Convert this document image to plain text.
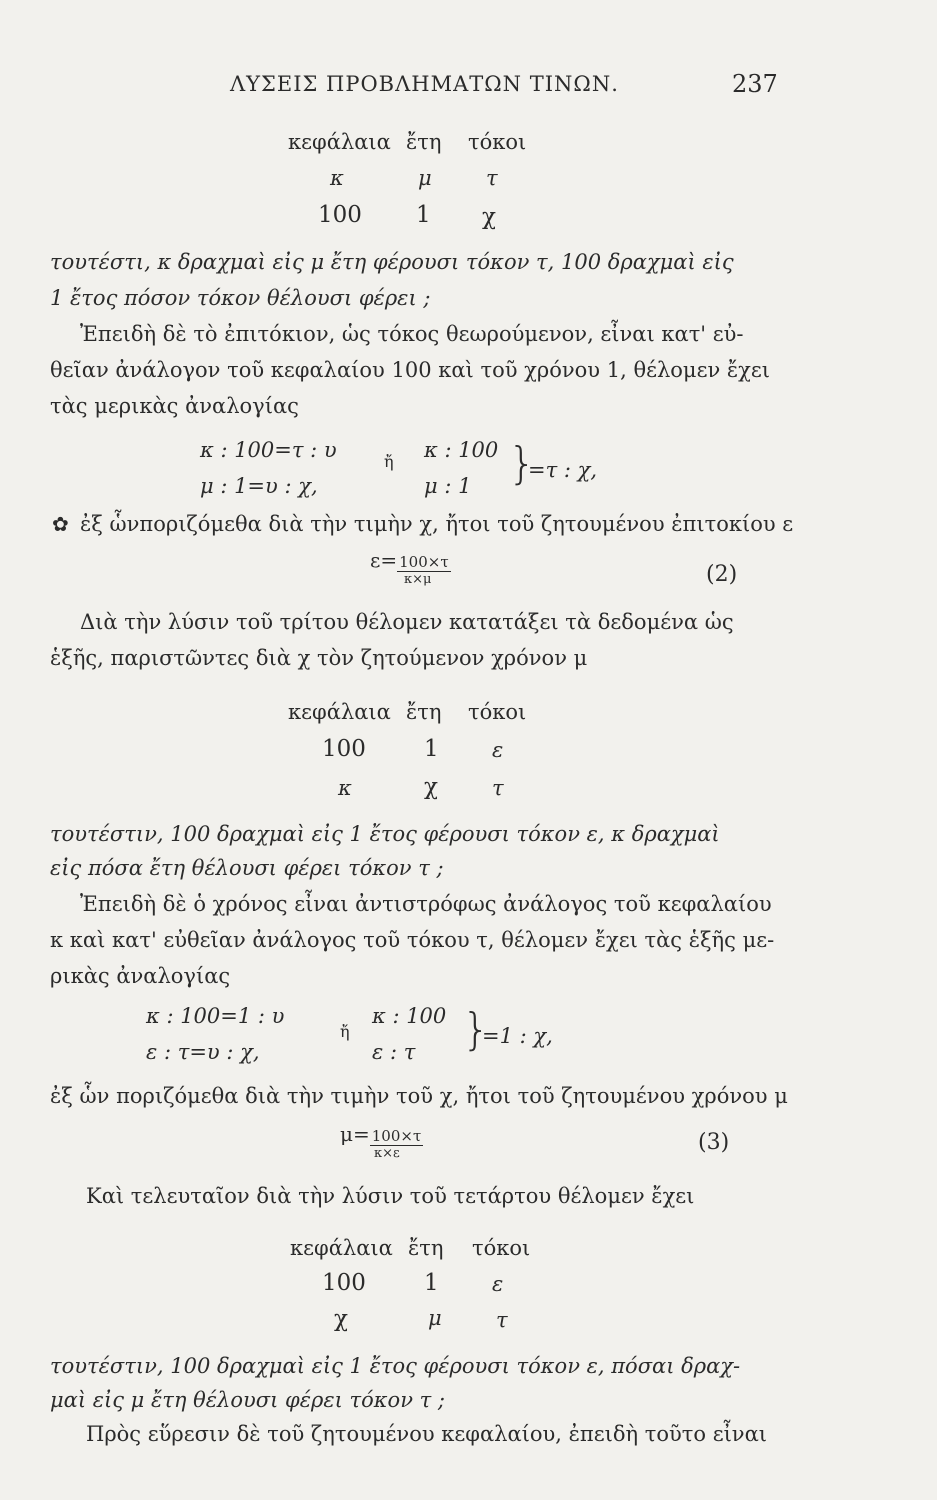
ΛΥΣΕΙΣ ΠΡΟΒΛΗΜΑΤΩΝ ΤΙΝΩΝ.	237
κεφάλαια ἔτη τόκοι
κ	μ	τ
100 1 χ
τουτέστι, κ δραχμαὶ εἰς μ ἔτη φέρουσι τόκον τ, 100 δραχμαὶ εἰς
1 ἔτος πόσον τόκον θέλουσι φέρει ;
Ἐπειδὴ δὲ τὸ ἐπιτόκιον, ὡς τόκος θεωρούμενον, εἶναι κατ' εὐ-
θεῖαν ἀνάλογον τοῦ κεφαλαίου 100 καὶ τοῦ χρόνου 1, θέλομεν ἔχει
τὰς μερικὰς ἀναλογίας
κ : 100=τ : υ
μ : 1=υ : χ,
ἤ κ : 100
μ : 1 }
=τ : χ,
✿ ἐξ ὧνποριζόμεθα διὰ τὴν τιμὴν χ, ἤτοι τοῦ ζητουμένου ἐπιτοκίου ε
ε= 100×τ
κ×μ	(2)
Διὰ τὴν λύσιν τοῦ τρίτου θέλομεν κατατάξει τὰ δεδομένα ὡς
ἑξῆς, παριστῶντες διὰ χ τὸν ζητούμενον χρόνον μ
κεφάλαια ἔτη τόκοι
100	1	ε
κ	χ	τ
τουτέστιν, 100 δραχμαὶ εἰς 1 ἔτος φέρουσι τόκον ε, κ δραχμαὶ
εἰς πόσα ἔτη θέλουσι φέρει τόκον τ ;
Ἐπειδὴ δὲ ὁ χρόνος εἶναι ἀντιστρόφως ἀνάλογος τοῦ κεφαλαίου
κ καὶ κατ' εὐθεῖαν ἀνάλογος τοῦ τόκου τ, θέλομεν ἔχει τὰς ἑξῆς με-
ρικὰς ἀναλογίας
κ : 100=1 : υ
ε : τ=υ : χ,
ἤ
κ : 100
ε : τ }
=1 : χ,
ἐξ ὧν ποριζόμεθα διὰ τὴν τιμὴν τοῦ χ, ἤτοι τοῦ ζητουμένου χρόνου μ
μ= 100×τ
κ×ε	(3)
Καὶ τελευταῖον διὰ τὴν λύσιν τοῦ τετάρτου θέλομεν ἔχει
κεφάλαια ἔτη τόκοι
100	1	ε
χ	μ	τ
τουτέστιν, 100 δραχμαὶ εἰς 1 ἔτος φέρουσι τόκον ε, πόσαι δραχ-
μαὶ εἰς μ ἔτη θέλουσι φέρει τόκον τ ;
Πρὸς εὕρεσιν δὲ τοῦ ζητουμένου κεφαλαίου, ἐπειδὴ τοῦτο εἶναι
